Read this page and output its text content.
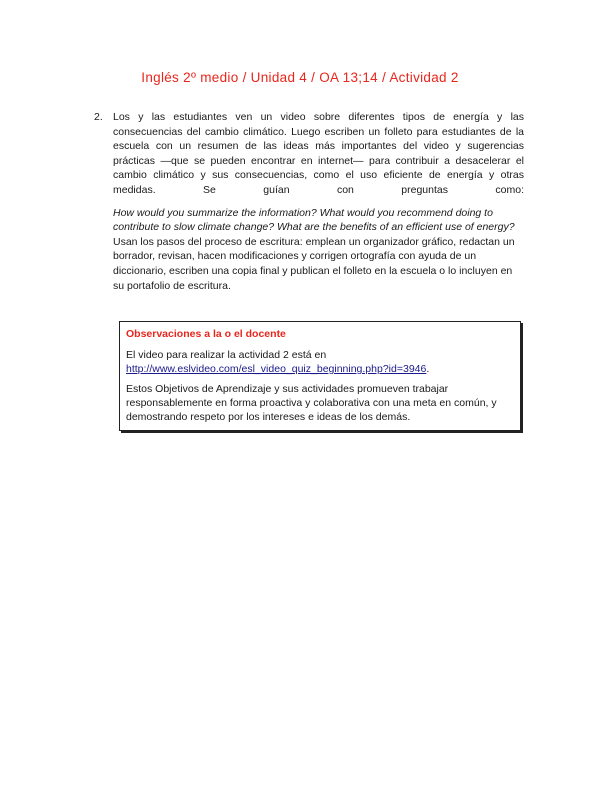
Inglés 2º medio / Unidad 4 / OA 13;14 / Actividad 2
2. Los y las estudiantes ven un video sobre diferentes tipos de energía y las consecuencias del cambio climático. Luego escriben un folleto para estudiantes de la escuela con un resumen de las ideas más importantes del video y sugerencias prácticas —que se pueden encontrar en internet— para contribuir a desacelerar el cambio climático y sus consecuencias, como el uso eficiente de energía y otras medidas. Se guían con preguntas como:

How would you summarize the information? What would you recommend doing to contribute to slow climate change? What are the benefits of an efficient use of energy? Usan los pasos del proceso de escritura: emplean un organizador gráfico, redactan un borrador, revisan, hacen modificaciones y corrigen ortografía con ayuda de un diccionario, escriben una copia final y publican el folleto en la escuela o lo incluyen en su portafolio de escritura.

Observaciones a la o el docente

El video para realizar la actividad 2 está en
http://www.eslvideo.com/esl_video_quiz_beginning.php?id=3946.

Estos Objetivos de Aprendizaje y sus actividades promueven trabajar responsablemente en forma proactiva y colaborativa con una meta en común, y demostrando respeto por los intereses e ideas de los demás.
